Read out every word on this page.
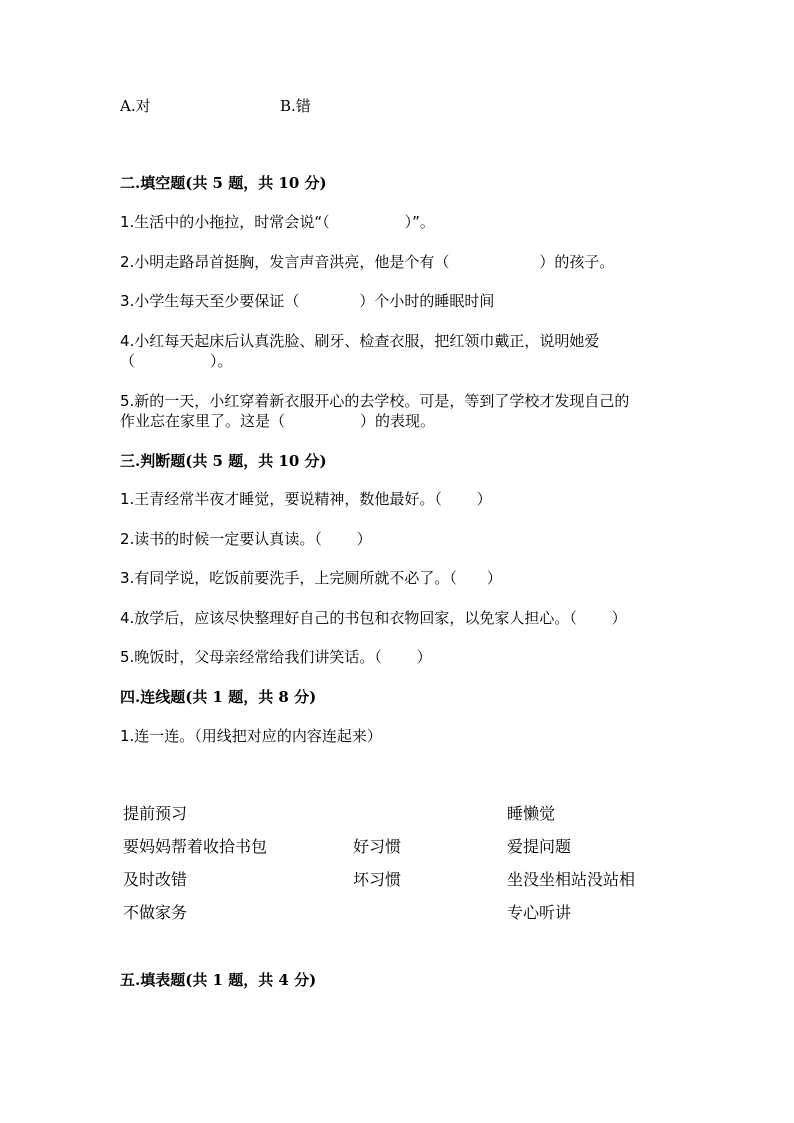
A.对	B.错
二.填空题(共 5 题，共 10 分)
1.生活中的小拖拉，时常会说“（　　　　　）”。
2.小明走路昂首挺胸，发言声音洪亮，他是个有（　　　　　　）的孩子。
3.小学生每天至少要保证（　　　　）个小时的睡眠时间
4.小红每天起床后认真洗脸、刷牙、检查衣服，把红领巾戴正，说明她爱
（　　　　　）。
5.新的一天，小红穿着新衣服开心的去学校。可是，等到了学校才发现自己的
作业忘在家里了。这是（　　　　　）的表现。
三.判断题(共 5 题，共 10 分)
1.王青经常半夜才睡觉，要说精神，数他最好。（　　 ）
2.读书的时候一定要认真读。（　　 ）
3.有同学说，吃饭前要洗手，上完厕所就不必了。（　　）
4.放学后，应该尽快整理好自己的书包和衣物回家，以免家人担心。（　　 ）
5.晚饭时，父母亲经常给我们讲笑话。（　　 ）
四.连线题(共 1 题，共 8 分)
1.连一连。（用线把对应的内容连起来）
提前预习
要妈妈帮着收拾书包
及时改错
不做家务
好习惯
坏习惯
睡懒觉
爱提问题
坐没坐相站没站相
专心听讲
五.填表题(共 1 题，共 4 分)
